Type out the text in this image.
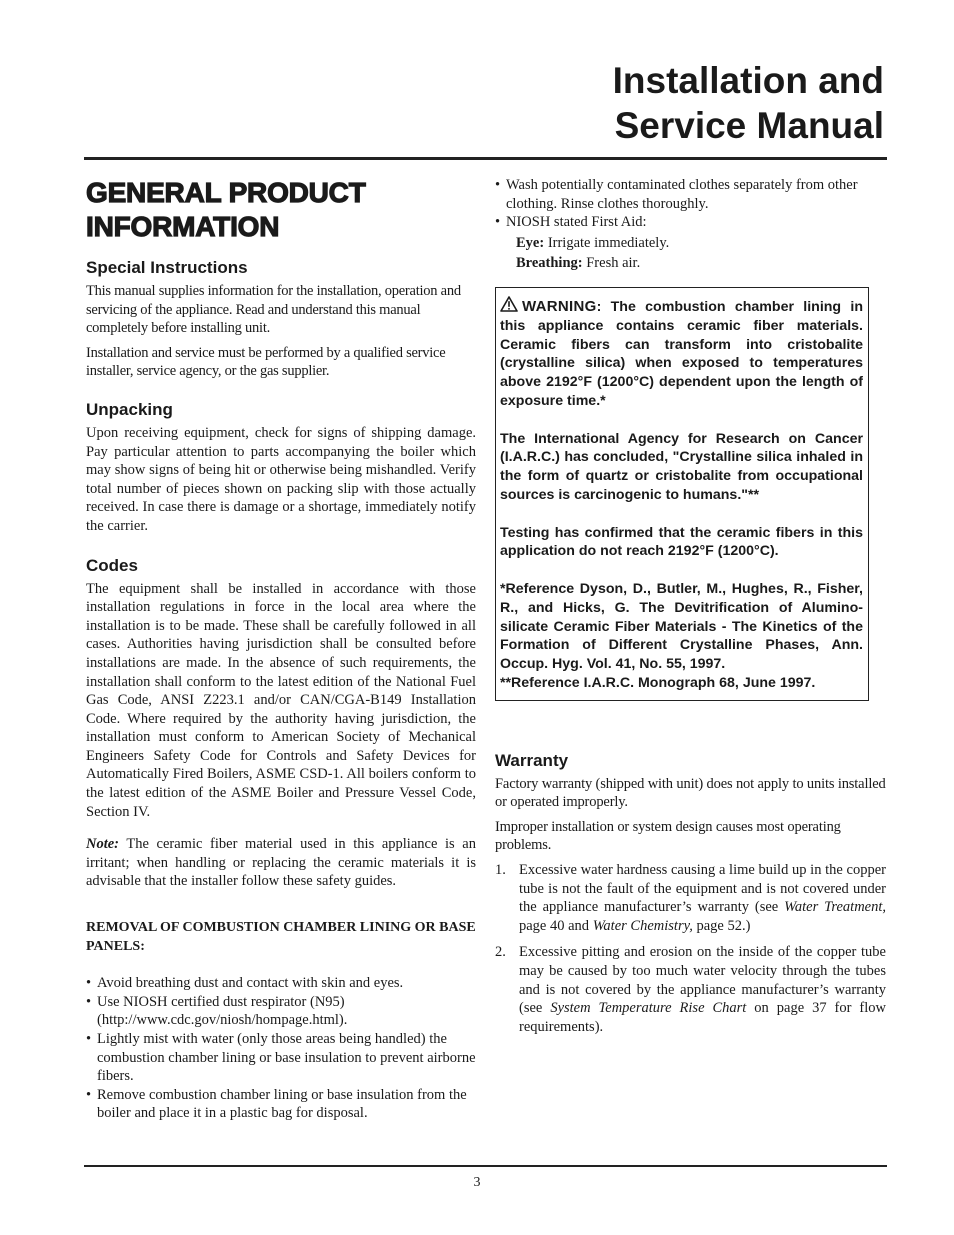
Installation and
Service Manual
GENERAL PRODUCT
INFORMATION
Special Instructions

This manual supplies information for the installation, operation and servicing of the appliance. Read and understand this manual completely before installing unit.

Installation and service must be performed by a qualified service installer, service agency, or the gas supplier.

Unpacking

Upon receiving equipment, check for signs of shipping damage. Pay particular attention to parts accompanying the boiler which may show signs of being hit or otherwise being mishandled. Verify total number of pieces shown on packing slip with those actually received. In case there is damage or a shortage, immediately notify the carrier.

Codes

The equipment shall be installed in accordance with those installation regulations in force in the local area where the installation is to be made. These shall be carefully followed in all cases. Authorities having jurisdiction shall be consulted before installations are made. In the absence of such requirements, the installation shall conform to the latest edition of the National Fuel Gas Code, ANSI Z223.1 and/or CAN/CGA-B149 Installation Code. Where required by the authority having jurisdiction, the installation must conform to American Society of Mechanical Engineers Safety Code for Controls and Safety Devices for Automatically Fired Boilers, ASME CSD-1. All boilers conform to the latest edition of the ASME Boiler and Pressure Vessel Code, Section IV.

Note: The ceramic fiber material used in this appliance is an irritant; when handling or replacing the ceramic materials it is advisable that the installer follow these safety guides.

REMOVAL OF COMBUSTION CHAMBER LINING OR BASE PANELS:

• Avoid breathing dust and contact with skin and eyes.
• Use NIOSH certified dust respirator (N95) (http://www.cdc.gov/niosh/hompage.html).
• Lightly mist with water (only those areas being handled) the combustion chamber lining or base insulation to prevent airborne fibers.
• Remove combustion chamber lining or base insulation from the boiler and place it in a plastic bag for disposal.
• Wash potentially contaminated clothes separately from other clothing. Rinse clothes thoroughly.
• NIOSH stated First Aid:
Eye: Irrigate immediately.
Breathing: Fresh air.

WARNING: The combustion chamber lining in this appliance contains ceramic fiber materials. Ceramic fibers can transform into cristobalite (crystalline silica) when exposed to temperatures above 2192°F (1200°C) dependent upon the length of exposure time.*

The International Agency for Research on Cancer (I.A.R.C.) has concluded, "Crystalline silica inhaled in the form of quartz or cristobalite from occupational sources is carcinogenic to humans."**

Testing has confirmed that the ceramic fibers in this application do not reach 2192°F (1200°C).

*Reference Dyson, D., Butler, M., Hughes, R., Fisher, R., and Hicks, G. The Devitrification of Alumino-silicate Ceramic Fiber Materials - The Kinetics of the Formation of Different Crystalline Phases, Ann. Occup. Hyg. Vol. 41, No. 55, 1997.

**Reference I.A.R.C. Monograph 68, June 1997.

Warranty

Factory warranty (shipped with unit) does not apply to units installed or operated improperly.

Improper installation or system design causes most operating problems.

1. Excessive water hardness causing a lime build up in the copper tube is not the fault of the equipment and is not covered under the appliance manufacturer’s warranty (see Water Treatment, page 40 and Water Chemistry, page 52.)
2. Excessive pitting and erosion on the inside of the copper tube may be caused by too much water velocity through the tubes and is not covered by the appliance manufacturer’s warranty (see System Temperature Rise Chart on page 37 for flow requirements).
3
